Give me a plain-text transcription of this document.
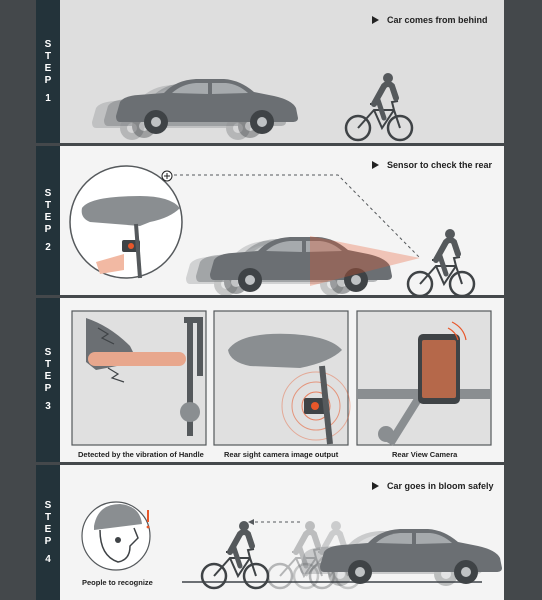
S
T
E
P
1
Car comes from behind
S
T
E
P
2
Sensor to check the rear
S
T
E
P
3
Detected by the vibration of Handle	Rear sight camera image output	Rear View Camera
S
T
E
P
4
Car goes in bloom safely
People to recognize
